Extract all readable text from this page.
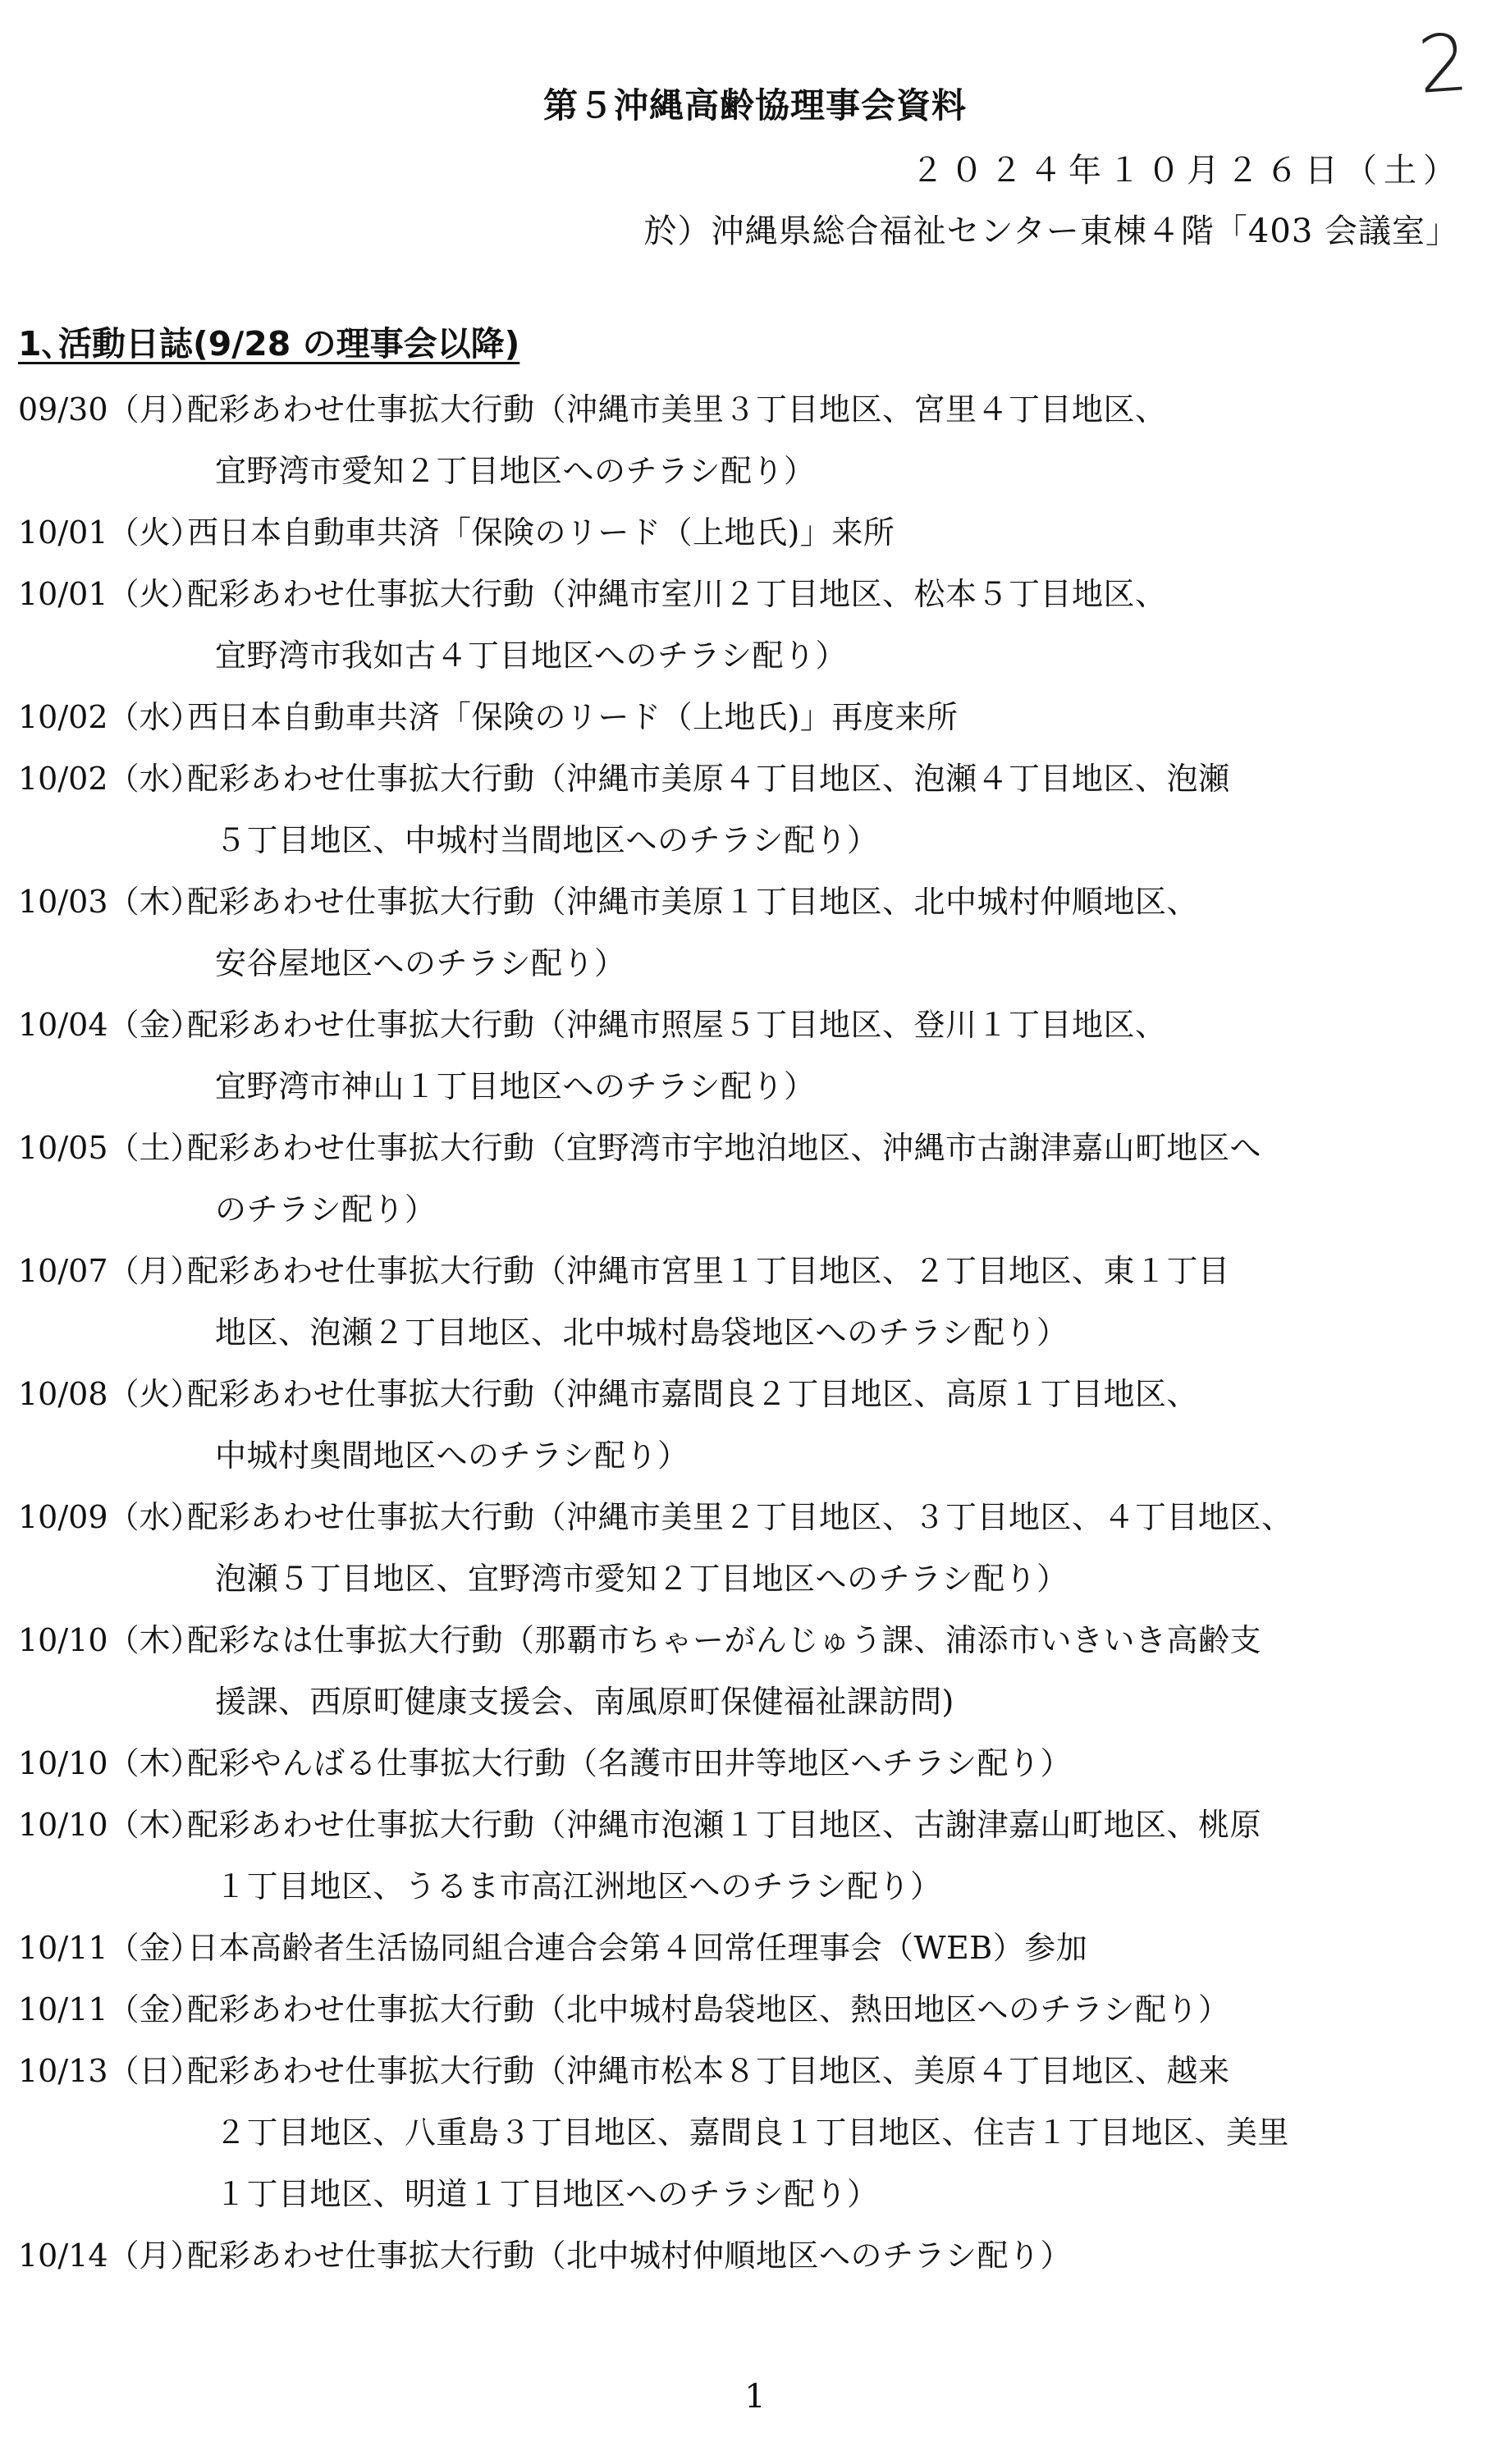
2
第５沖縄高齢協理事会資料
２０２４年１０月２６日（土）
於）沖縄県総合福祉センター東棟４階「403 会議室」
1､活動日誌(9/28 の理事会以降)
09/30（月）
配彩あわせ仕事拡大行動（沖縄市美里３丁目地区、宮里４丁目地区、
宜野湾市愛知２丁目地区へのチラシ配り）
10/01（火）
西日本自動車共済「保険のリード（上地氏)」来所
10/01（火）
配彩あわせ仕事拡大行動（沖縄市室川２丁目地区、松本５丁目地区、
宜野湾市我如古４丁目地区へのチラシ配り）
10/02（水）
西日本自動車共済「保険のリード（上地氏)」再度来所
10/02（水）
配彩あわせ仕事拡大行動（沖縄市美原４丁目地区、泡瀬４丁目地区、泡瀬
５丁目地区、中城村当間地区へのチラシ配り）
10/03（木）
配彩あわせ仕事拡大行動（沖縄市美原１丁目地区、北中城村仲順地区、
安谷屋地区へのチラシ配り）
10/04（金）
配彩あわせ仕事拡大行動（沖縄市照屋５丁目地区、登川１丁目地区、
宜野湾市神山１丁目地区へのチラシ配り）
10/05（土）
配彩あわせ仕事拡大行動（宜野湾市宇地泊地区、沖縄市古謝津嘉山町地区へ
のチラシ配り）
10/07（月）
配彩あわせ仕事拡大行動（沖縄市宮里１丁目地区、２丁目地区、東１丁目
地区、泡瀬２丁目地区、北中城村島袋地区へのチラシ配り）
10/08（火）
配彩あわせ仕事拡大行動（沖縄市嘉間良２丁目地区、高原１丁目地区、
中城村奥間地区へのチラシ配り）
10/09（水）
配彩あわせ仕事拡大行動（沖縄市美里２丁目地区、３丁目地区、４丁目地区、
泡瀬５丁目地区、宜野湾市愛知２丁目地区へのチラシ配り）
10/10（木）
配彩なは仕事拡大行動（那覇市ちゃーがんじゅう課、浦添市いきいき高齢支
援課、西原町健康支援会、南風原町保健福祉課訪問)
10/10（木）
配彩やんばる仕事拡大行動（名護市田井等地区へチラシ配り）
10/10（木）
配彩あわせ仕事拡大行動（沖縄市泡瀬１丁目地区、古謝津嘉山町地区、桃原
１丁目地区、うるま市高江洲地区へのチラシ配り）
10/11（金）
日本高齢者生活協同組合連合会第４回常任理事会（WEB）参加
10/11（金）
配彩あわせ仕事拡大行動（北中城村島袋地区、熱田地区へのチラシ配り）
10/13（日）
配彩あわせ仕事拡大行動（沖縄市松本８丁目地区、美原４丁目地区、越来
２丁目地区、八重島３丁目地区、嘉間良１丁目地区、住吉１丁目地区、美里
１丁目地区、明道１丁目地区へのチラシ配り）
10/14（月）
配彩あわせ仕事拡大行動（北中城村仲順地区へのチラシ配り）
1
